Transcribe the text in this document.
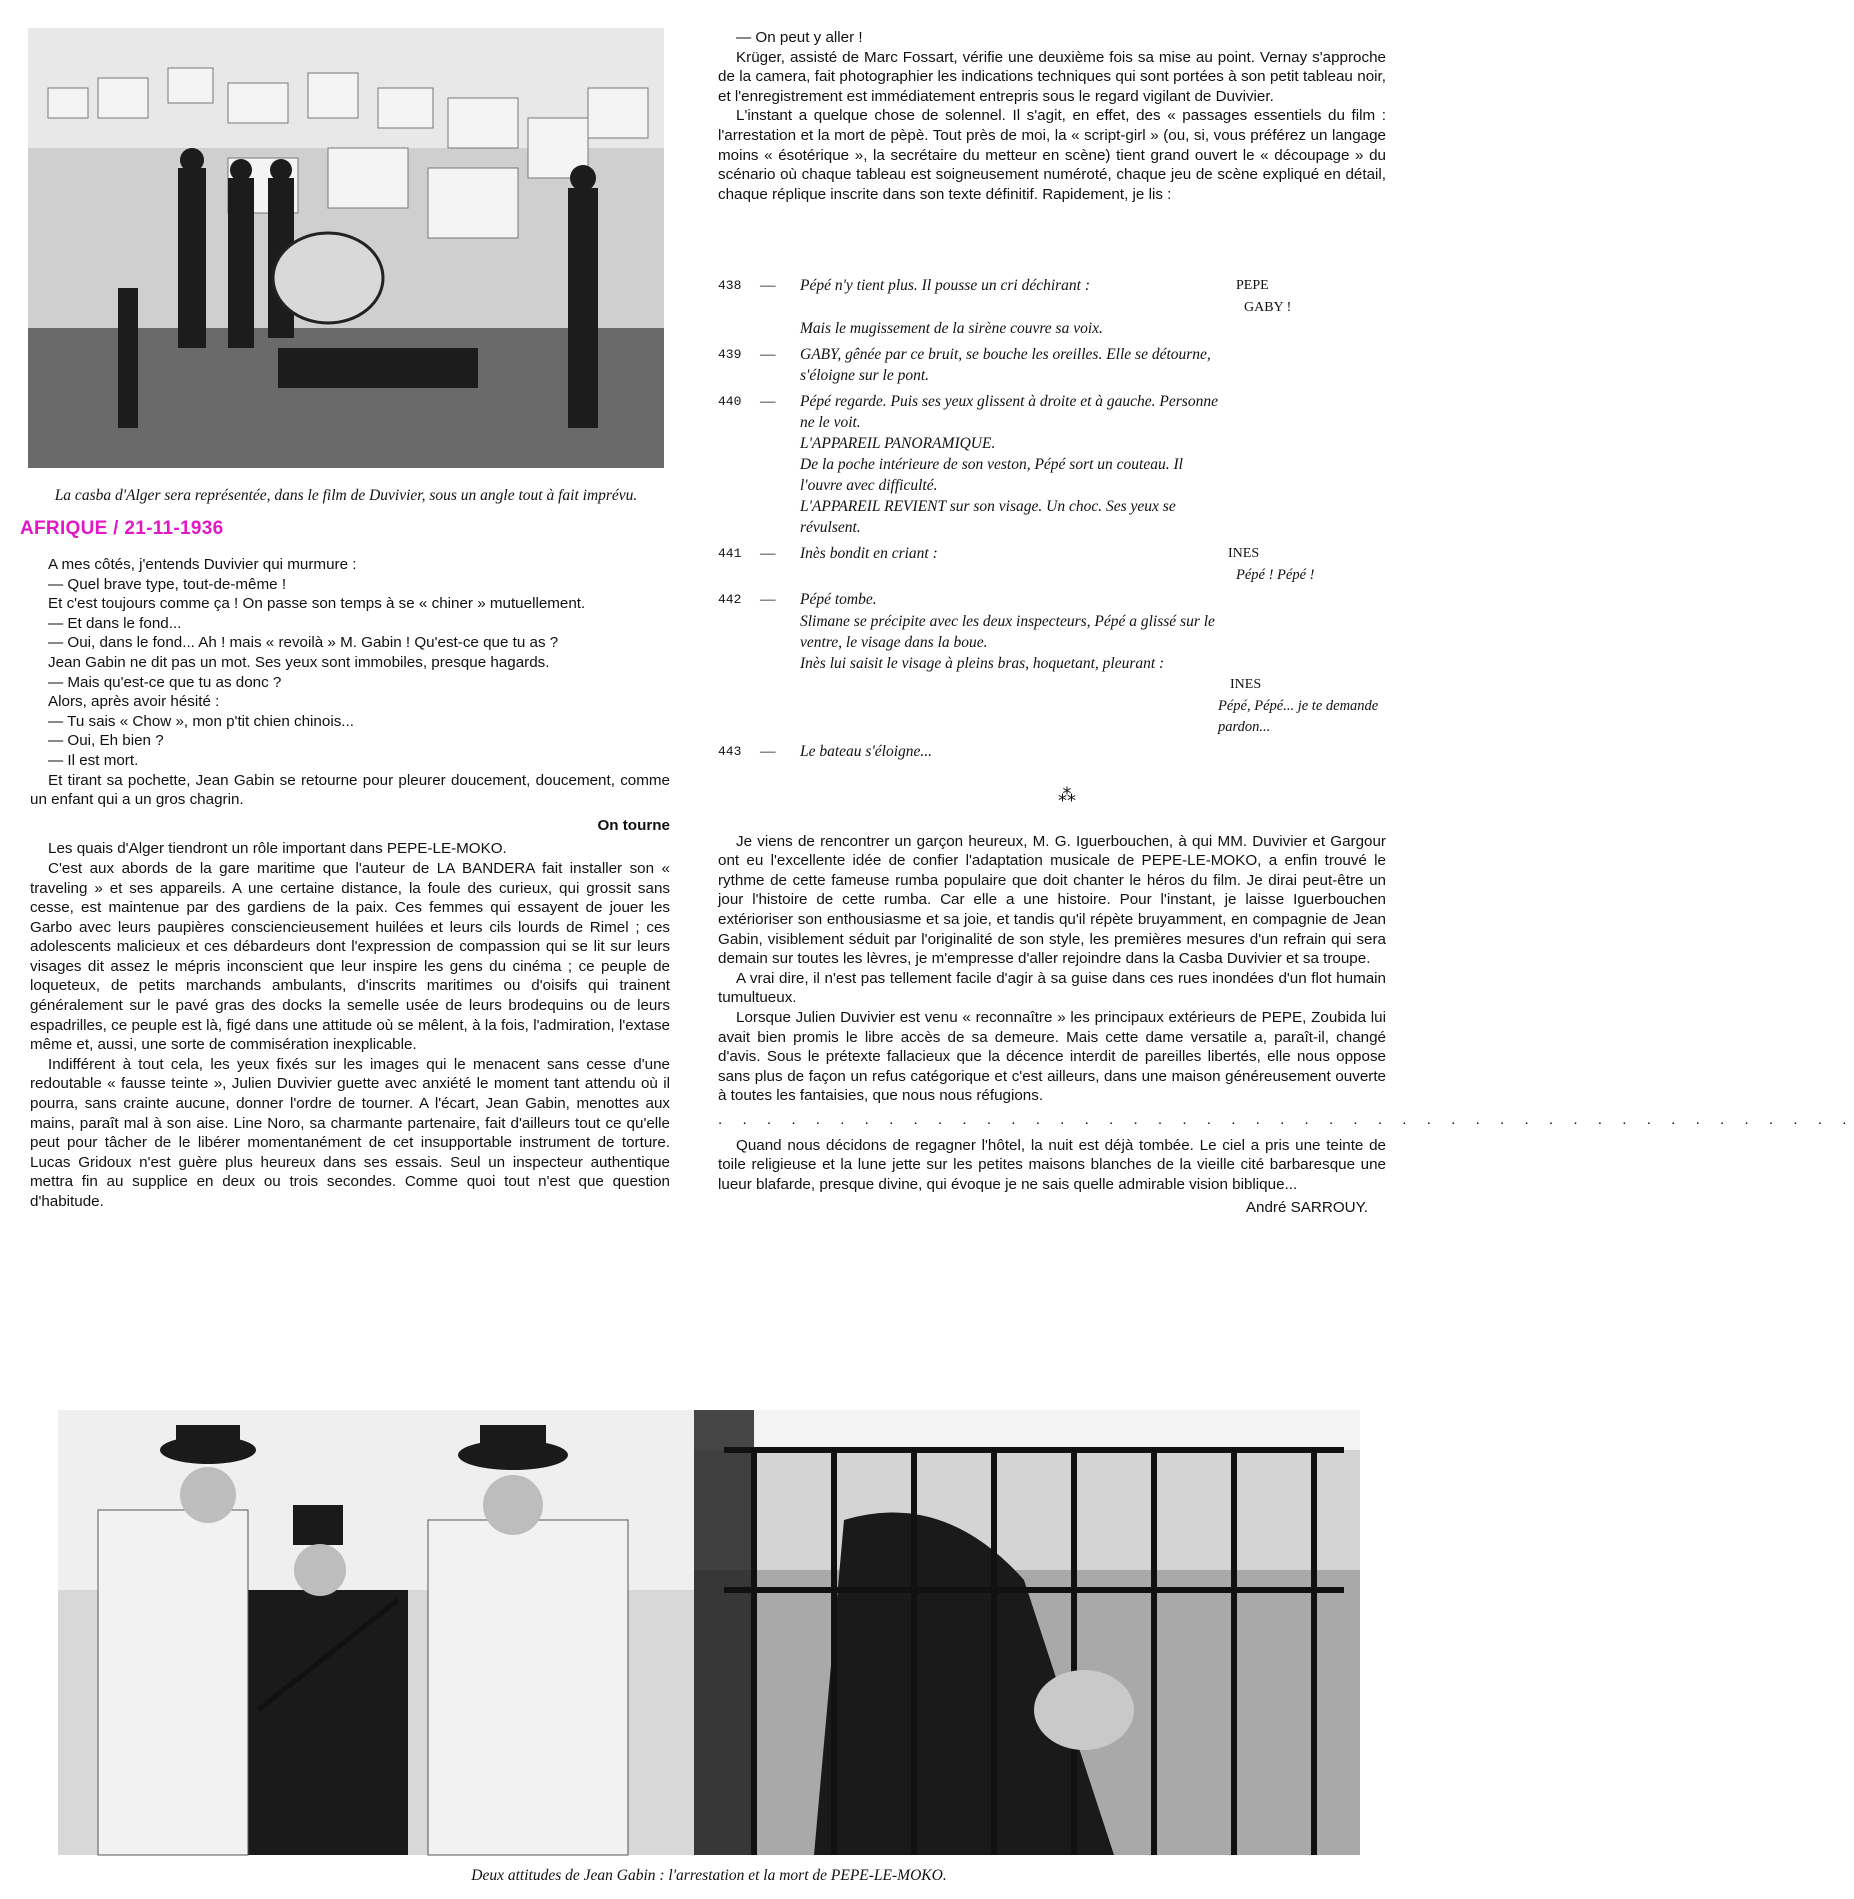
La casba d'Alger sera représentée, dans le film de Duvivier, sous un angle tout à fait imprévu.
AFRIQUE / 21-11-1936

A mes côtés, j'entends Duvivier qui murmure :

— Quel brave type, tout-de-même !

Et c'est toujours comme ça ! On passe son temps à se « chiner » mutuellement.

— Et dans le fond...

— Oui, dans le fond... Ah ! mais « revoilà » M. Gabin ! Qu'est-ce que tu as ?

Jean Gabin ne dit pas un mot. Ses yeux sont immobiles, presque hagards.

— Mais qu'est-ce que tu as donc ?

Alors, après avoir hésité :

— Tu sais « Chow », mon p'tit chien chinois...

— Oui, Eh bien ?

— Il est mort.

Et tirant sa pochette, Jean Gabin se retourne pour pleurer doucement, doucement, comme un enfant qui a un gros chagrin.

On tourne

Les quais d'Alger tiendront un rôle important dans PEPE-LE-MOKO.

C'est aux abords de la gare maritime que l'auteur de LA BANDERA fait installer son « traveling » et ses appareils. A une certaine distance, la foule des curieux, qui grossit sans cesse, est maintenue par des gardiens de la paix. Ces femmes qui essayent de jouer les Garbo avec leurs paupières consciencieusement huilées et leurs cils lourds de Rimel ; ces adolescents malicieux et ces débardeurs dont l'expression de compassion qui se lit sur leurs visages dit assez le mépris inconscient que leur inspire les gens du cinéma ; ce peuple de loqueteux, de petits marchands ambulants, d'inscrits maritimes ou d'oisifs qui trainent généralement sur le pavé gras des docks la semelle usée de leurs brodequins ou de leurs espadrilles, ce peuple est là, figé dans une attitude où se mêlent, à la fois, l'admiration, l'extase même et, aussi, une sorte de commisération inexplicable.

Indifférent à tout cela, les yeux fixés sur les images qui le menacent sans cesse d'une redoutable « fausse teinte », Julien Duvivier guette avec anxiété le moment tant attendu où il pourra, sans crainte aucune, donner l'ordre de tourner. A l'écart, Jean Gabin, menottes aux mains, paraît mal à son aise. Line Noro, sa charmante partenaire, fait d'ailleurs tout ce qu'elle peut pour tâcher de le libérer momentanément de cet insupportable instrument de torture. Lucas Gridoux n'est guère plus heureux dans ses essais. Seul un inspecteur authentique mettra fin au supplice en deux ou trois secondes. Comme quoi tout n'est que question d'habitude.

— On peut y aller !

Krüger, assisté de Marc Fossart, vérifie une deuxième fois sa mise au point. Vernay s'approche de la camera, fait photographier les indications techniques qui sont portées à son petit tableau noir, et l'enregistrement est immédiatement entrepris sous le regard vigilant de Duvivier.

L'instant a quelque chose de solennel. Il s'agit, en effet, des « passages essentiels du film : l'arrestation et la mort de pèpè. Tout près de moi, la « script-girl » (ou, si, vous préférez un langage moins « ésotérique », la secrétaire du metteur en scène) tient grand ouvert le « découpage » du scénario où chaque tableau est soigneusement numéroté, chaque jeu de scène expliqué en détail, chaque réplique inscrite dans son texte définitif. Rapidement, je lis :

438 — Pépé n'y tient plus. Il pousse un cri déchirant :	PEPE
GABY !
Mais le mugissement de la sirène couvre sa voix.
439 — GABY, gênée par ce bruit, se bouche les oreilles. Elle se détourne, s'éloigne sur le pont.
440 — Pépé regarde. Puis ses yeux glissent à droite et à gauche. Personne ne le voit.
L'APPAREIL PANORAMIQUE.
De la poche intérieure de son veston, Pépé sort un couteau. Il l'ouvre avec difficulté.
L'APPAREIL REVIENT sur son visage. Un choc. Ses yeux se révulsent.
441 — Inès bondit en criant :	INES
Pépé ! Pépé !
442 — Pépé tombe.
Slimane se précipite avec les deux inspecteurs, Pépé a glissé sur le ventre, le visage dans la boue.
Inès lui saisit le visage à pleins bras, hoquetant, pleurant :
INES
Pépé, Pépé... je te demande pardon...
443 — Le bateau s'éloigne...
⁂

Je viens de rencontrer un garçon heureux, M. G. Iguerbouchen, à qui MM. Duvivier et Gargour ont eu l'excellente idée de confier l'adaptation musicale de PEPE-LE-MOKO, a enfin trouvé le rythme de cette fameuse rumba populaire que doit chanter le héros du film. Je dirai peut-être un jour l'histoire de cette rumba. Car elle a une histoire. Pour l'instant, je laisse Iguerbouchen extérioriser son enthousiasme et sa joie, et tandis qu'il répète bruyamment, en compagnie de Jean Gabin, visiblement séduit par l'originalité de son style, les premières mesures d'un refrain qui sera demain sur toutes les lèvres, je m'empresse d'aller rejoindre dans la Casba Duvivier et sa troupe.

A vrai dire, il n'est pas tellement facile d'agir à sa guise dans ces rues inondées d'un flot humain tumultueux.

Lorsque Julien Duvivier est venu « reconnaître » les principaux extérieurs de PEPE, Zoubida lui avait bien promis le libre accès de sa demeure. Mais cette dame versatile a, paraît-il, changé d'avis. Sous le prétexte fallacieux que la décence interdit de pareilles libertés, elle nous oppose sans plus de façon un refus catégorique et c'est ailleurs, dans une maison généreusement ouverte à toutes les fantaisies, que nous nous réfugions.

. . . . . . . . . . . . . . . . . . . . . . . . . . . . . . . . . . . . . . . . . . . . . . .

Quand nous décidons de regagner l'hôtel, la nuit est déjà tombée. Le ciel a pris une teinte de toile religieuse et la lune jette sur les petites maisons blanches de la vieille cité barbaresque une lueur blafarde, presque divine, qui évoque je ne sais quelle admirable vision biblique...

André SARROUY.
Deux attitudes de Jean Gabin : l'arrestation et la mort de PEPE-LE-MOKO.
